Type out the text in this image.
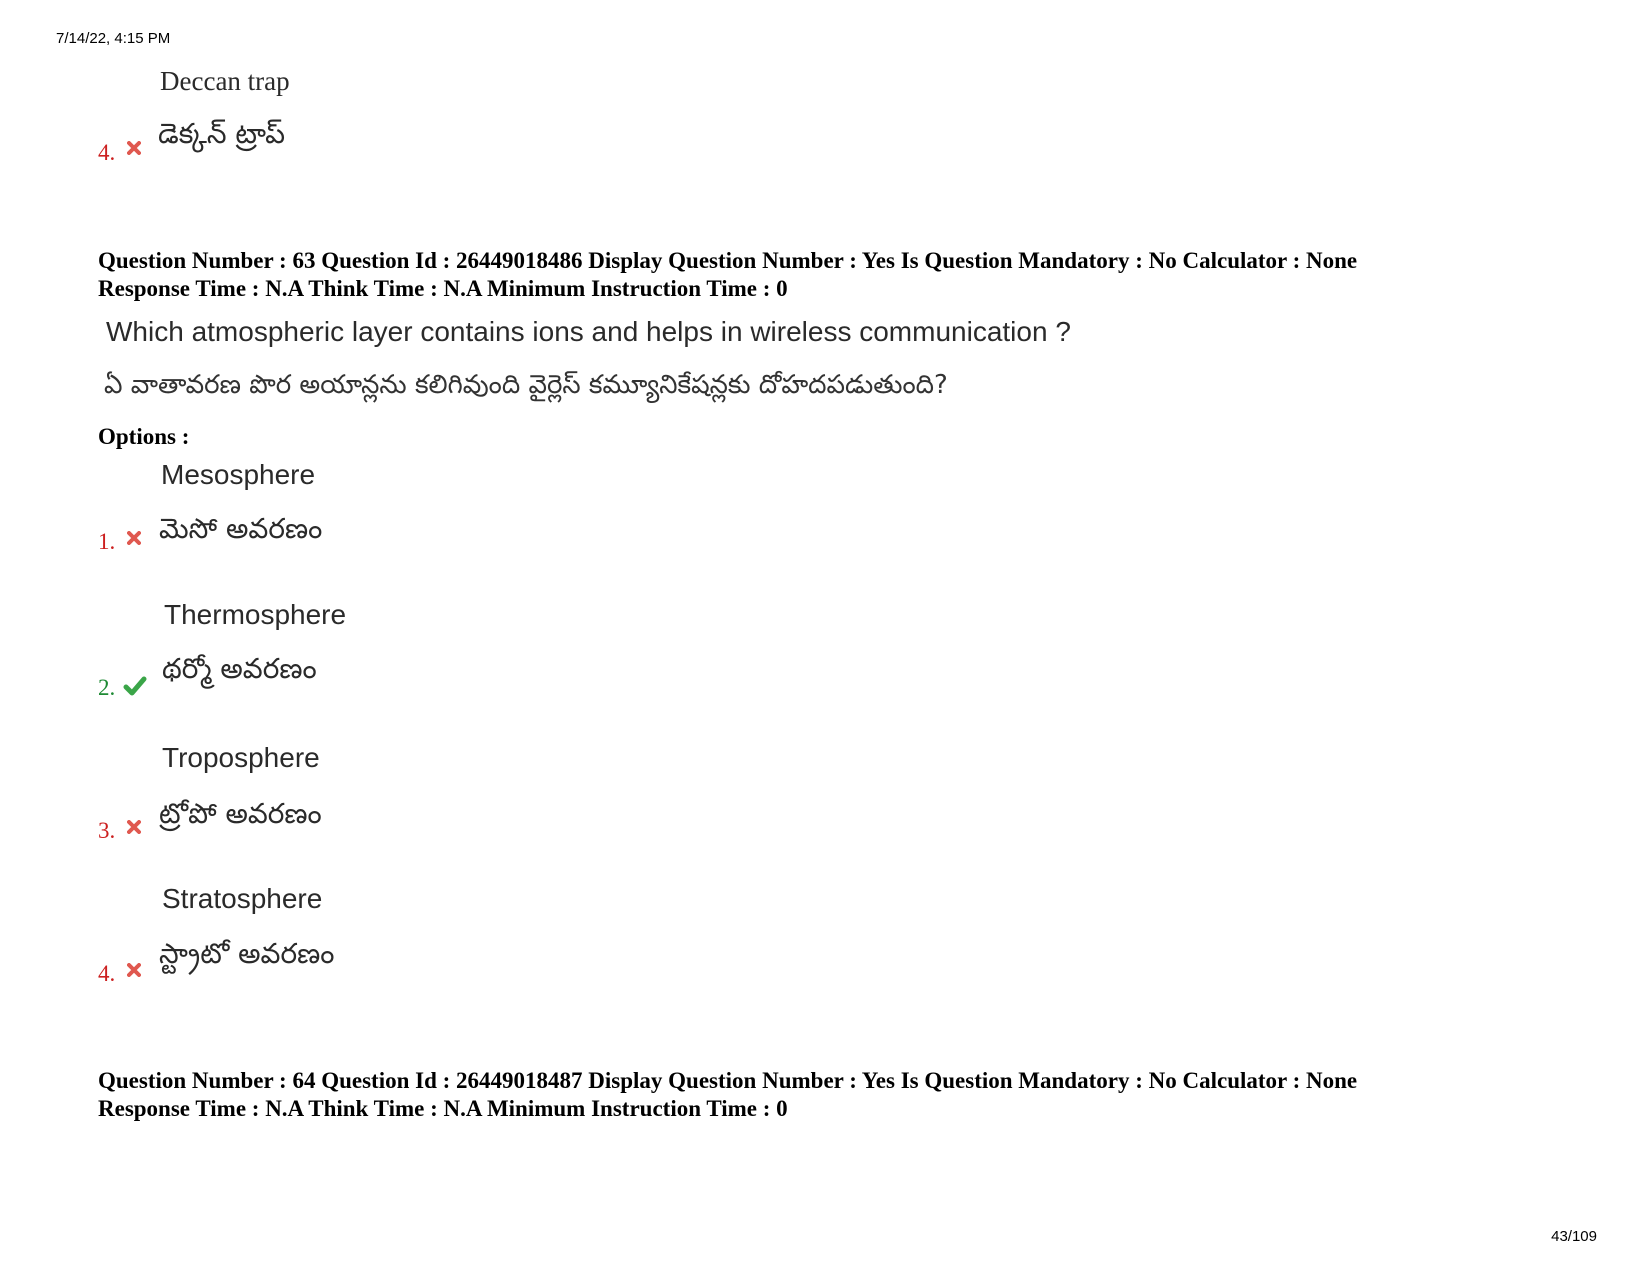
7/14/22, 4:15 PM
Deccan trap
డెక్కన్ ట్రాప్
4.
Question Number : 63 Question Id : 26449018486 Display Question Number : Yes Is Question Mandatory : No Calculator : None
Response Time : N.A Think Time : N.A Minimum Instruction Time : 0
Which atmospheric layer contains ions and helps in wireless communication ?
ఏ వాతావరణ పొర అయాన్లను కలిగివుంది వైర్లెస్ కమ్యూనికేషన్లకు దోహదపడుతుంది?
Options :
Mesosphere
మెసో అవరణం
1.
Thermosphere
థర్మో అవరణం
2.
Troposphere
ట్రోపో అవరణం
3.
Stratosphere
స్ట్రాటో అవరణం
4.
Question Number : 64 Question Id : 26449018487 Display Question Number : Yes Is Question Mandatory : No Calculator : None
Response Time : N.A Think Time : N.A Minimum Instruction Time : 0
43/109
